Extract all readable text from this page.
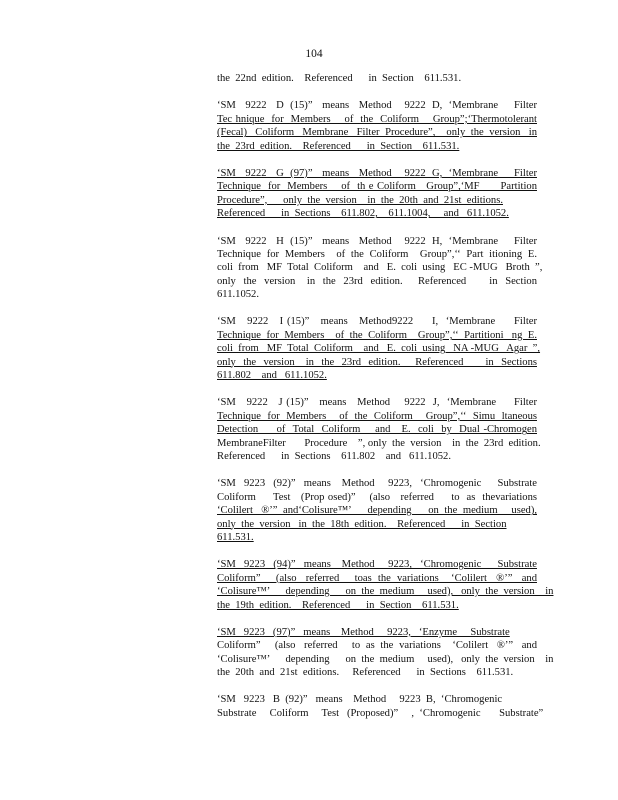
104
the  22nd  edition.    Referenced      in  Section    611.531.
‘SM   9222   D  (15)”   means   Method    9222  D,  ‘Membrane     Filter
Tec hnique  for  Members    of  the  Coliform    Group”;‘Thermotolerant
(Fecal)   Coliform   Membrane   Filter  Procedure”,    only  the  version   in
the  23rd  edition.    Referenced      in  Section    611.531.
‘SM   9222   G  (97)”   means   Method    9222  G,  ‘Membrane     Filter
Technique  for  Members    of  th e Coliform   Group”,‘MF      Partition
Procedure”,      only  the  version    in  the  20th  and  21st  editions.
Referenced      in  Sections    611.802,    611.1004,     and   611.1052.
‘SM   9222   H  (15)”   means   Method    9222  H,  ‘Membrane     Filter
Technique  for  Members    of  the  Coliform    Group”,‘‘  Part  itioning  E.
coli  from   MF  Total  Coliform    and   E.  coli  using   EC -MUG   Broth  ”,
only  the  version   in  the  23rd  edition.    Referenced      in  Section
611.1052.
‘SM   9222   I (15)”   means   Method9222     I,  ‘Membrane     Filter
Technique  for  Members    of  the  Coliform    Group”,‘‘  Partitioni   ng  E.
coli  from   MF  Total  Coliform    and   E.  coli  using   NA -MUG   Agar  ”,
only  the  version   in  the  23rd  edition.    Referenced      in  Sections
611.802    and   611.1052.
‘SM   9222   J (15)”   means   Method    9222  J,  ‘Membrane     Filter
Technique  for  Members    of  the  Coliform    Group”,‘‘  Simu  ltaneous
Detection     of  Total  Coliform    and   E.  coli  by  Dual -Chromogen
MembraneFilter       Procedure    ”, only  the  version    in  the  23rd  edition.
Referenced      in  Sections    611.802    and   611.1052.
‘SM   9223   (92)”   means    Method     9223,   ‘Chromogenic      Substrate
Coliform     Test   (Prop osed)”    (also   referred     to  as  thevariations
‘Colilert   ®’”  and‘Colisure™’      depending      on  the  medium     used),
only  the  version   in  the  18th  edition.    Referenced      in  Section
611.531.
‘SM   9223   (94)”   means    Method     9223,   ‘Chromogenic      Substrate
Coliform”     (also   referred     toas  the  variations    ‘Colilert   ®’”   and
‘Colisure™’      depending      on  the  medium     used),   only  the  version    in
the  19th  edition.    Referenced      in  Section    611.531.
‘SM   9223   (97)”   means    Method     9223,   ‘Enzyme     Substrate
Coliform”     (also   referred     to  as  the  variations    ‘Colilert   ®’”   and
‘Colisure™’      depending      on  the  medium     used),   only  the  version    in
the  20th  and  21st  editions.     Referenced      in  Sections    611.531.
‘SM   9223   B  (92)”   means    Method     9223  B,  ‘Chromogenic
Substrate     Coliform     Test   (Proposed)”     ,  ‘Chromogenic       Substrate”
